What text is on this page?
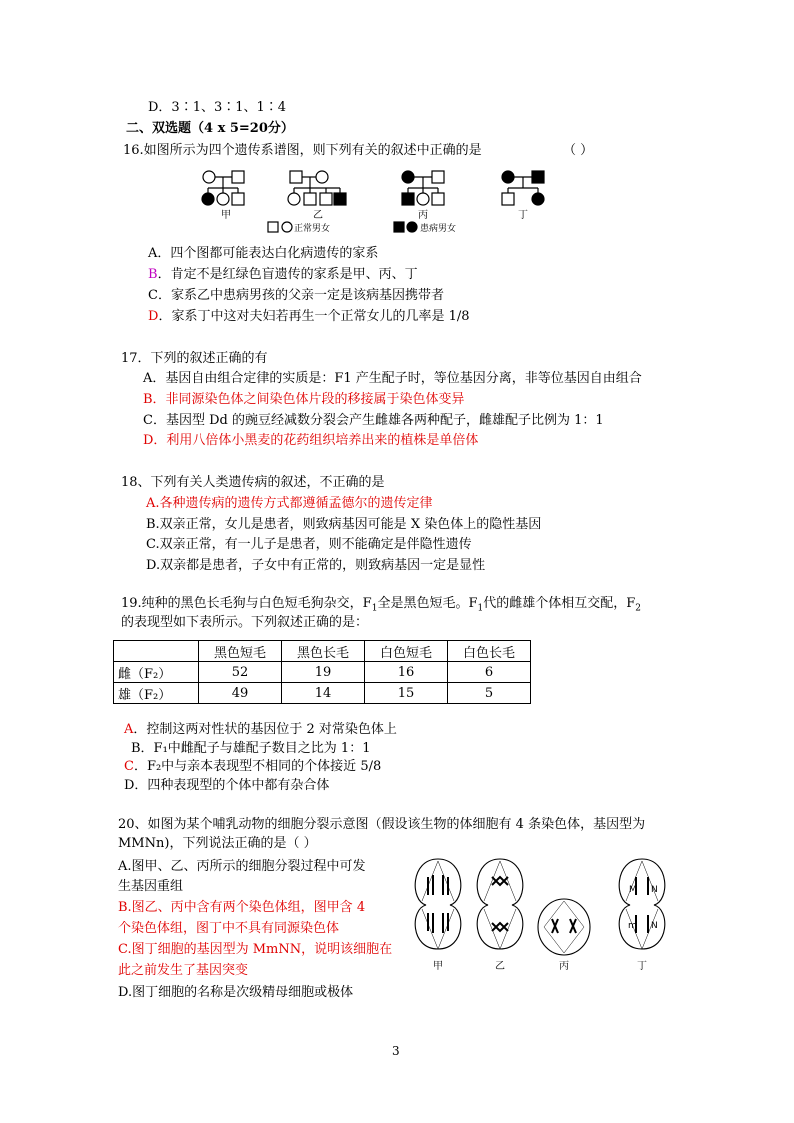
D．3∶1、3∶1、1∶4
二、双选题（4 x 5=20分）
16.如图所示为四个遗传系谱图，则下列有关的叙述中正确的是	（ ）
甲	乙	丙	丁
正常男女	患病男女
A．四个图都可能表达白化病遗传的家系
B．肯定不是红绿色盲遗传的家系是甲、丙、丁
C．家系乙中患病男孩的父亲一定是该病基因携带者
D．家系丁中这对夫妇若再生一个正常女儿的几率是 1/8
17．下列的叙述正确的有
A．基因自由组合定律的实质是：F1 产生配子时，等位基因分离，非等位基因自由组合
B．非同源染色体之间染色体片段的移接属于染色体变异
C．基因型 Dd 的豌豆经减数分裂会产生雌雄各两种配子，雌雄配子比例为 1：1
D．利用八倍体小黑麦的花药组织培养出来的植株是单倍体
18、下列有关人类遗传病的叙述，不正确的是
A.各种遗传病的遗传方式都遵循孟德尔的遗传定律
B.双亲正常，女儿是患者，则致病基因可能是 X 染色体上的隐性基因
C.双亲正常，有一儿子是患者，则不能确定是伴隐性遗传
D.双亲都是患者，子女中有正常的，则致病基因一定是显性
19.纯种的黑色长毛狗与白色短毛狗杂交，$F_1$全是黑色短毛。$F_1$代的雌雄个体相互交配，$F_2$
的表现型如下表所示。下列叙述正确的是：
	黑色短毛	黑色长毛	白色短毛	白色长毛
雌（F₂）	52	19	16	6
雄（F₂）	49	14	15	5
A．控制这两对性状的基因位于 2 对常染色体上
B．F₁中雌配子与雄配子数目之比为 1：1
C．F₂中与亲本表现型不相同的个体接近 5/8
D．四种表现型的个体中都有杂合体
20、如图为某个哺乳动物的细胞分裂示意图（假设该生物的体细胞有 4 条染色体，基因型为
MMNn)，下列说法正确的是（ ）
A.图甲、乙、丙所示的细胞分裂过程中可发
生基因重组
B.图乙、丙中含有两个染色体组，图甲含 4
个染色体组，图丁中不具有同源染色体
C.图丁细胞的基因型为 MmNN，说明该细胞在
此之前发生了基因突变
D.图丁细胞的名称是次级精母细胞或极体
M N
m N
甲	乙	丙	丁
3
